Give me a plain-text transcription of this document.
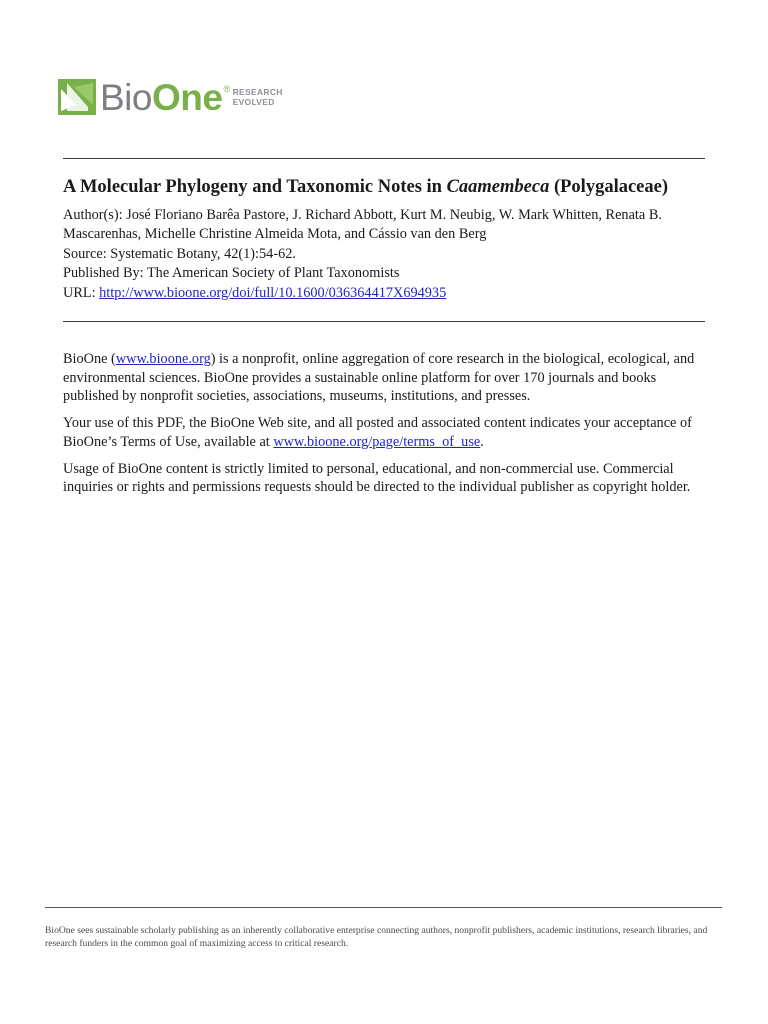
Bio One ® RESEARCH
EVOLVED
A Molecular Phylogeny and Taxonomic Notes in Caamembeca (Polygalaceae)

Author(s): José Floriano Barêa Pastore, J. Richard Abbott, Kurt M. Neubig, W. Mark Whitten, Renata B. Mascarenhas, Michelle Christine Almeida Mota, and Cássio van den Berg

Source: Systematic Botany, 42(1):54-62.

Published By: The American Society of Plant Taxonomists

URL: http://www.bioone.org/doi/full/10.1600/036364417X694935

BioOne (www.bioone.org) is a nonprofit, online aggregation of core research in the biological, ecological, and environmental sciences. BioOne provides a sustainable online platform for over 170 journals and books published by nonprofit societies, associations, museums, institutions, and presses.

Your use of this PDF, the BioOne Web site, and all posted and associated content indicates your acceptance of BioOne’s Terms of Use, available at www.bioone.org/page/terms_of_use.

Usage of BioOne content is strictly limited to personal, educational, and non-commercial use. Commercial inquiries or rights and permissions requests should be directed to the individual publisher as copyright holder.

BioOne sees sustainable scholarly publishing as an inherently collaborative enterprise connecting authors, nonprofit publishers, academic institutions, research libraries, and research funders in the common goal of maximizing access to critical research.
